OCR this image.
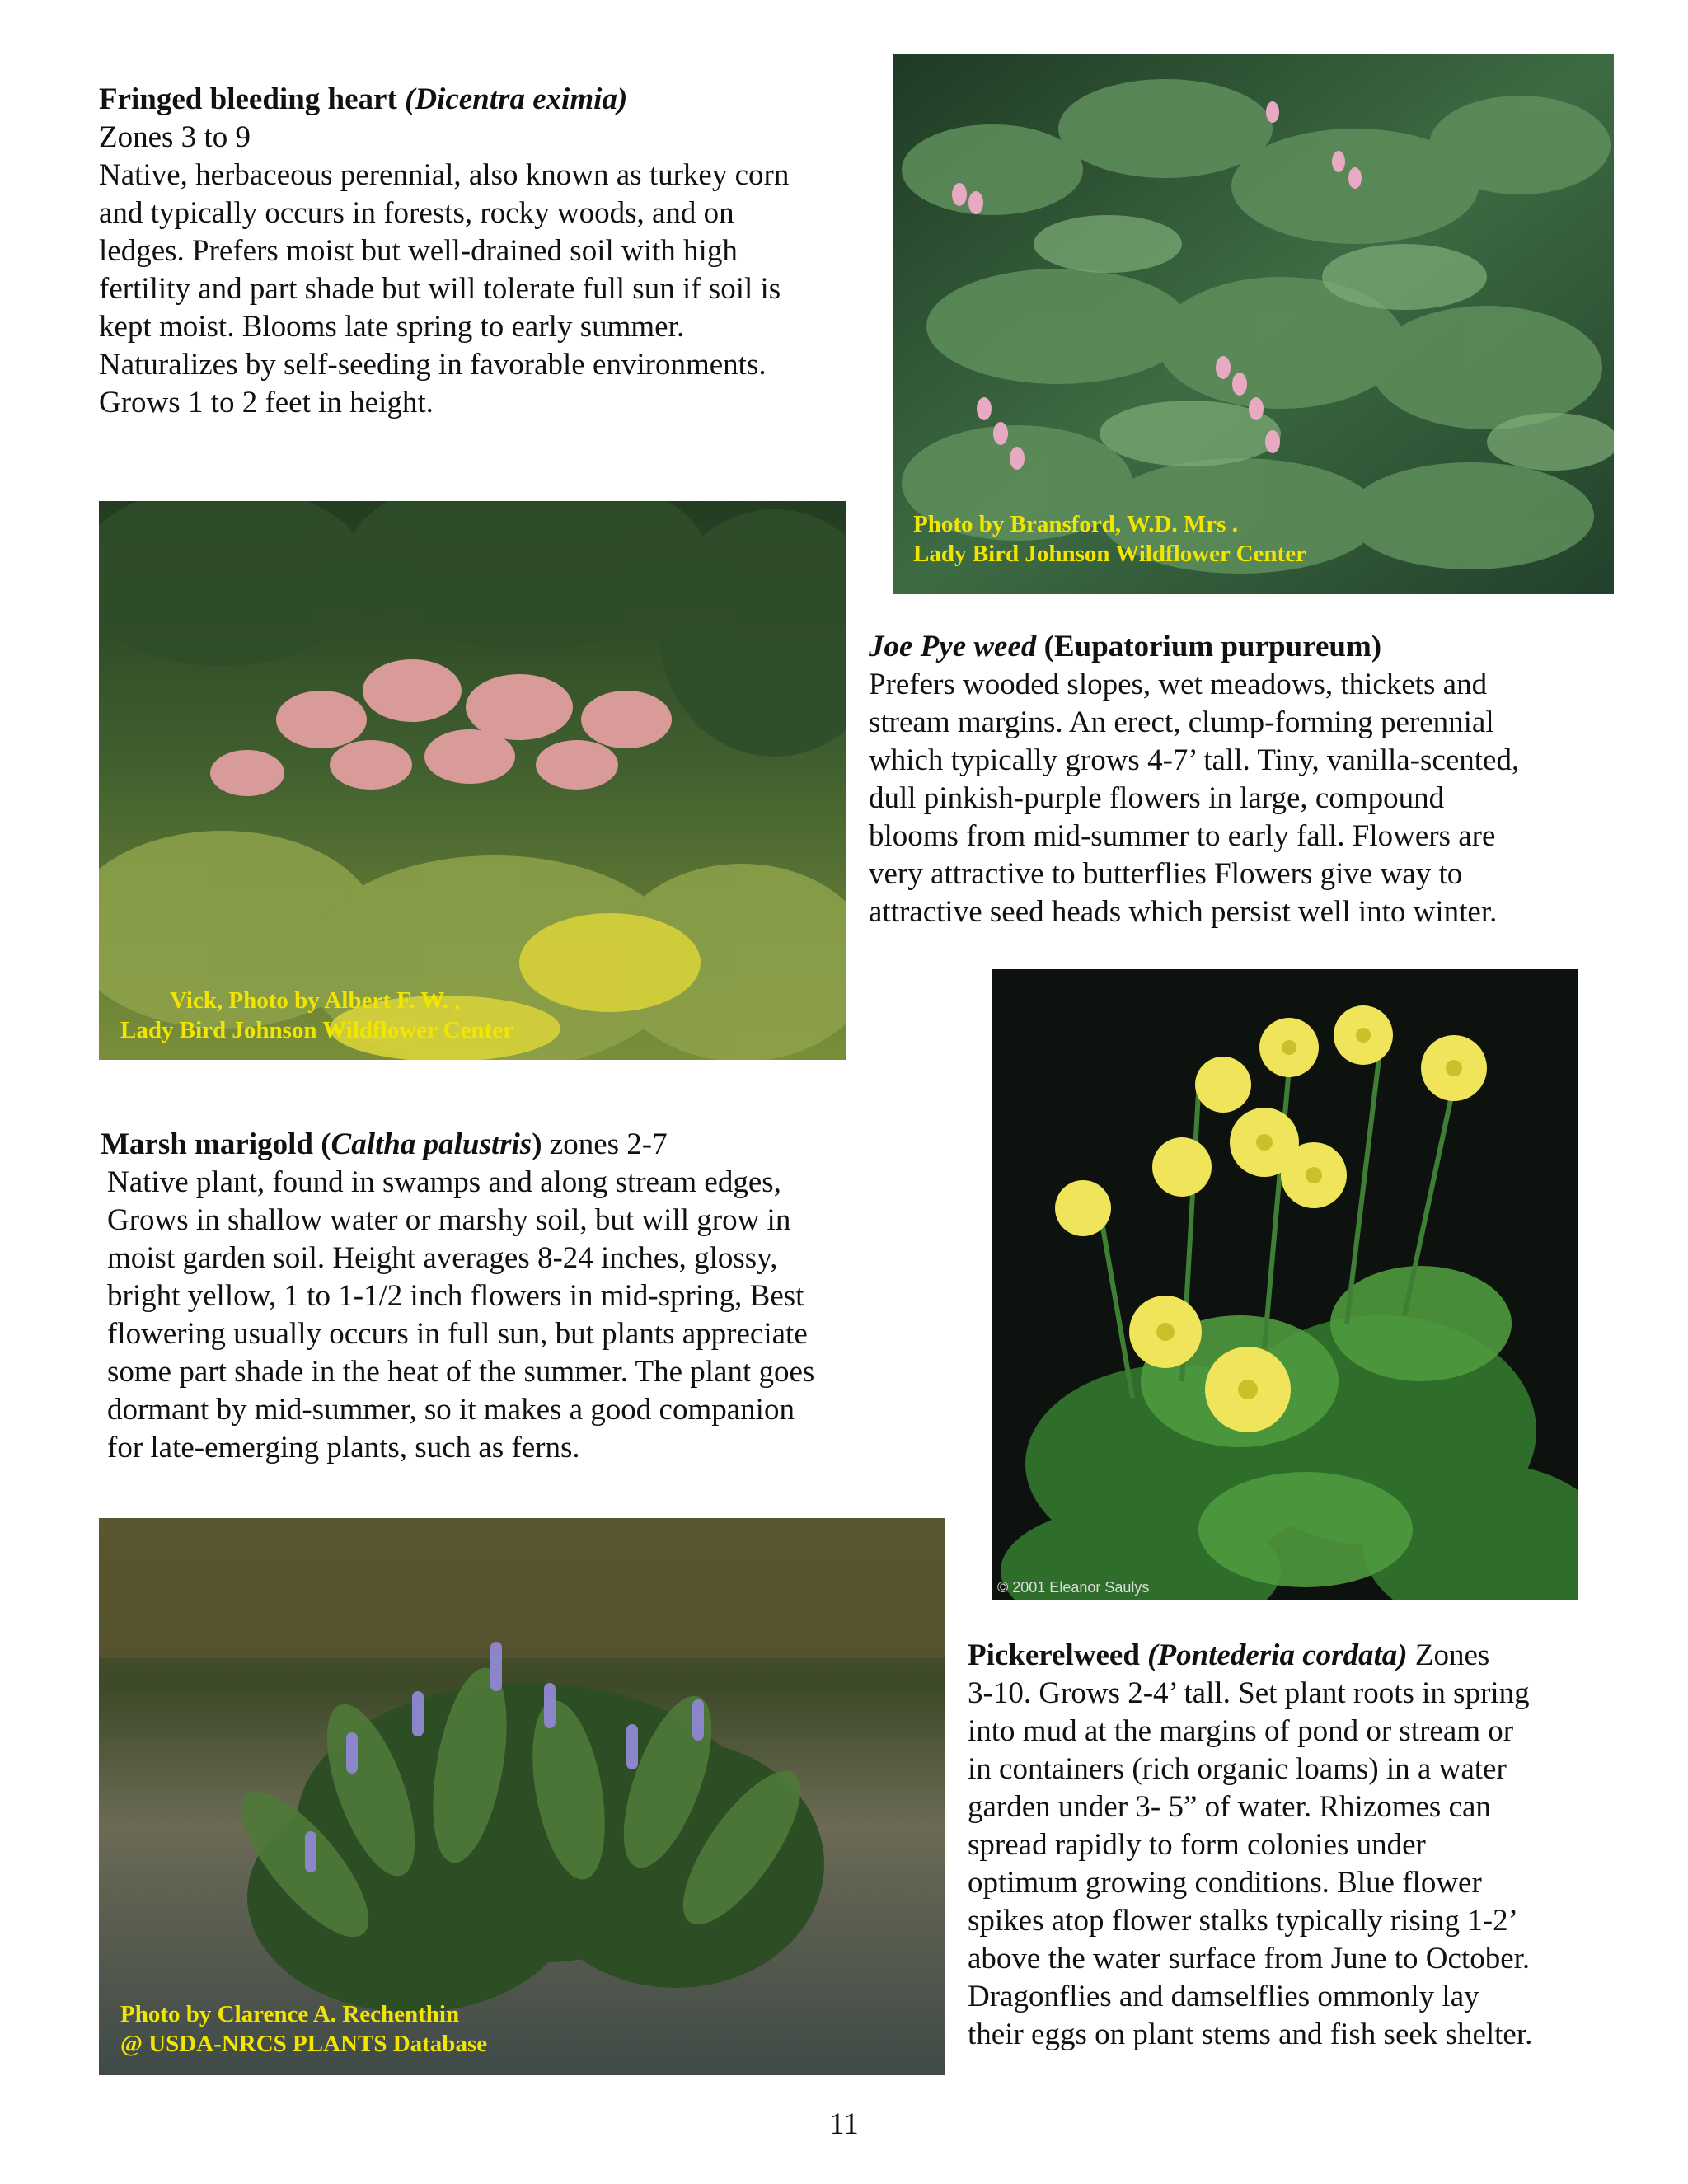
Fringed bleeding heart (Dicentra eximia)

Zones 3 to 9

Native, herbaceous perennial, also known as turkey corn

and typically occurs in forests, rocky woods, and on

ledges. Prefers moist but well-drained soil with high

fertility and part shade but will tolerate full sun if soil is

kept moist. Blooms late spring to early summer.

Naturalizes by self-seeding in favorable environments.

Grows 1 to 2 feet in height.

Photo by Bransford, W.D. Mrs .
Lady Bird Johnson Wildflower Center
Vick, Photo by Albert F. W. ,
Lady Bird Johnson Wildflower Center

Joe Pye weed (Eupatorium purpureum)

Prefers wooded slopes, wet meadows, thickets and

stream margins. An erect, clump-forming perennial

which typically grows 4-7’ tall. Tiny, vanilla-scented,

dull pinkish-purple flowers in large, compound

blooms from mid-summer to early fall. Flowers are

very attractive to butterflies Flowers give way to

attractive seed heads which persist well into winter.

© 2001 Eleanor Saulys

Marsh marigold (Caltha palustris) zones 2-7

Native plant, found in swamps and along stream edges,

Grows in shallow water or marshy soil, but will grow in

moist garden soil. Height averages 8-24 inches, glossy,

bright yellow, 1 to 1-1/2 inch flowers in mid-spring, Best

flowering usually occurs in full sun, but plants appreciate

some part shade in the heat of the summer. The plant goes

dormant by mid-summer, so it makes a good companion

for late-emerging plants, such as ferns.

Photo by Clarence A. Rechenthin
@ USDA-NRCS PLANTS Database

Pickerelweed (Pontederia cordata) Zones

3-10. Grows 2-4’ tall. Set plant roots in spring

into mud at the margins of pond or stream or

in containers (rich organic loams) in a water

garden under 3- 5” of water. Rhizomes can

spread rapidly to form colonies under

optimum growing conditions. Blue flower

spikes atop flower stalks typically rising 1-2’

above the water surface from June to October.

Dragonflies and damselflies ommonly lay

their eggs on plant stems and fish seek shelter.

11
